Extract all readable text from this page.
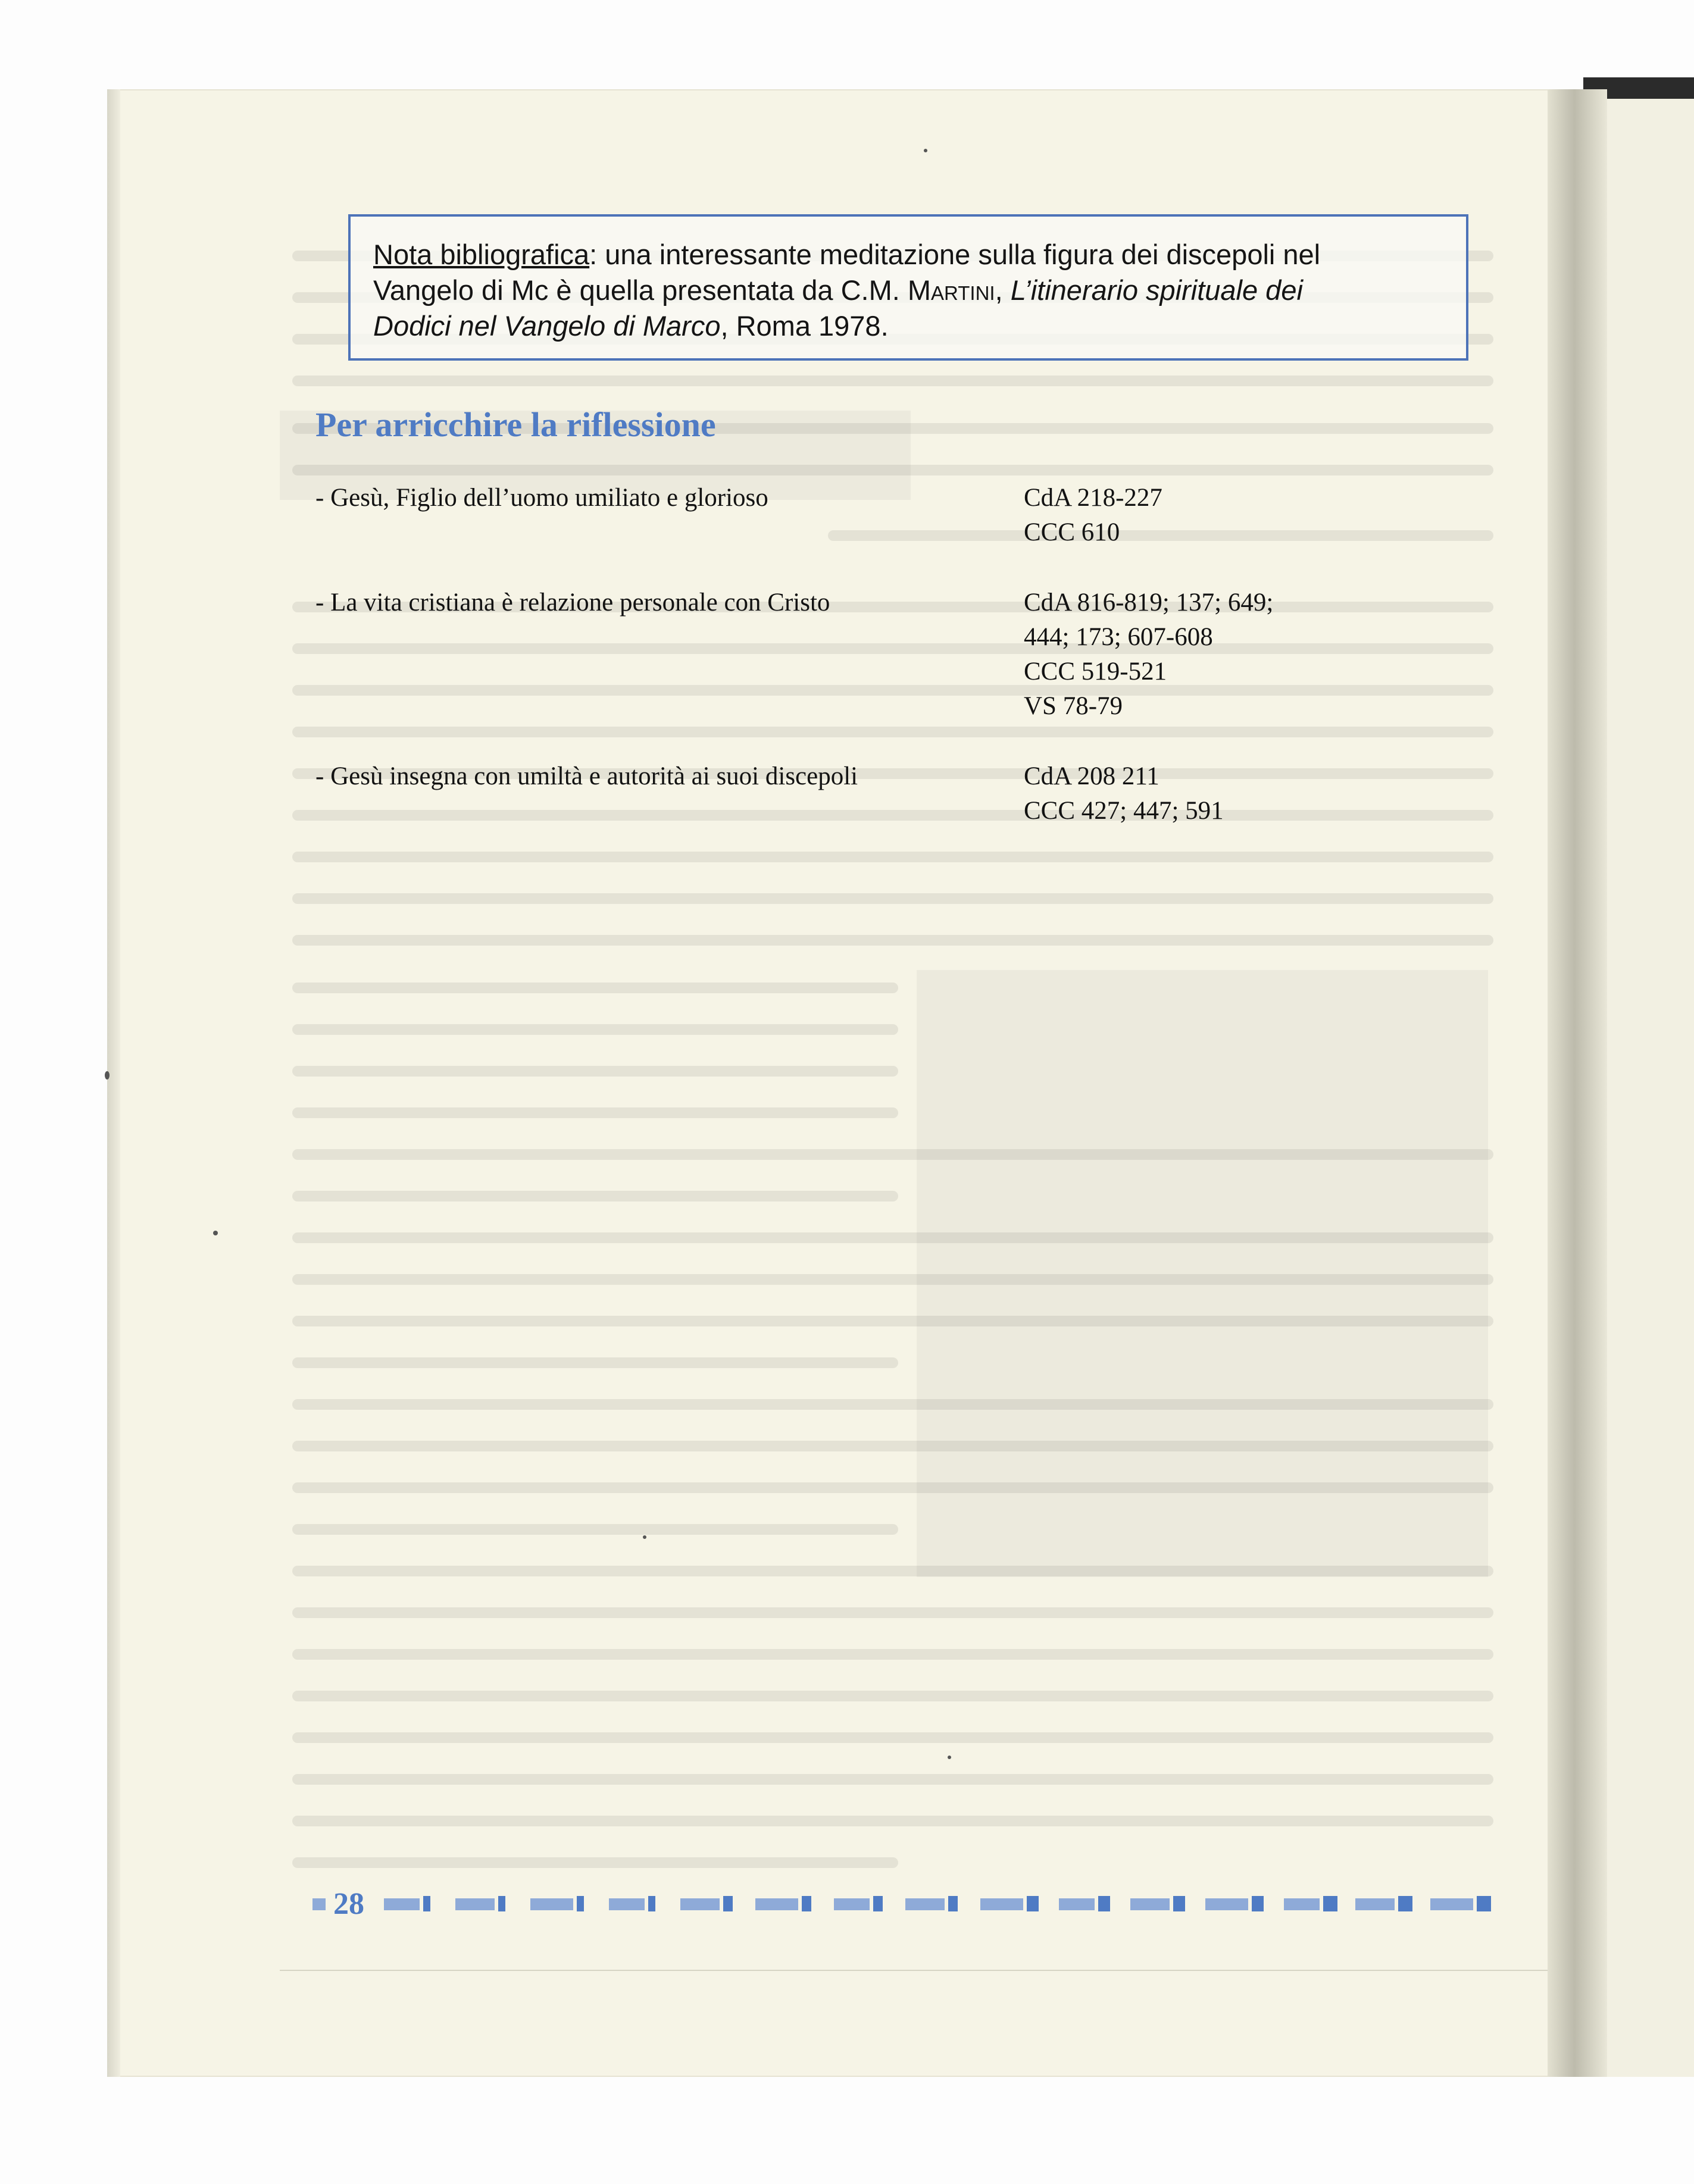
Nota bibliografica: una interessante meditazione sulla figura dei discepoli nel
Vangelo di Mc è quella presentata da C.M. Martini, L’itinerario spirituale dei
Dodici nel Vangelo di Marco, Roma 1978.
Per arricchire la riflessione
- Gesù, Figlio dell’uomo umiliato e glorioso	CdA 218-227
CCC 610
- La vita cristiana è relazione personale con Cristo	CdA 816-819; 137; 649;
444; 173; 607-608
CCC 519-521
VS 78-79
- Gesù insegna con umiltà e autorità ai suoi discepoli	CdA 208 211
CCC 427; 447; 591
28
